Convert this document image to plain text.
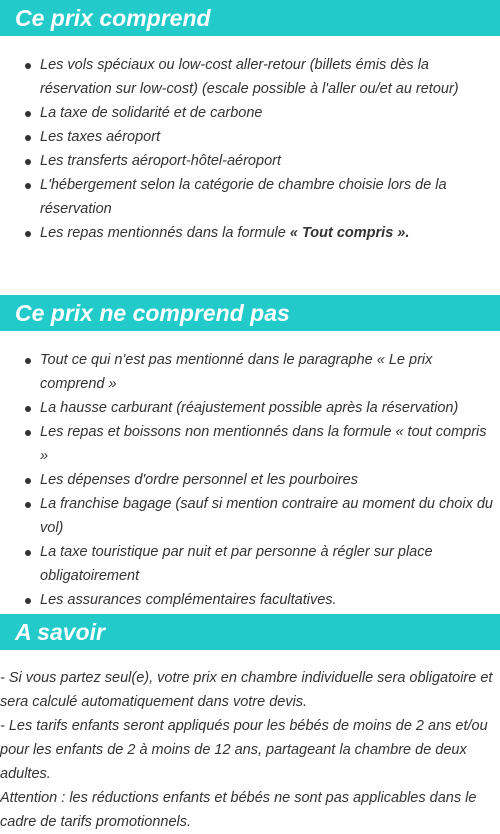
Ce prix comprend
Les vols spéciaux ou low-cost aller-retour (billets émis dès la réservation sur low-cost) (escale possible à l'aller ou/et au retour)
La taxe de solidarité et de carbone
Les taxes aéroport
Les transferts aéroport-hôtel-aéroport
L'hébergement selon la catégorie de chambre choisie lors de la réservation
Les repas mentionnés dans la formule « Tout compris ».
Ce prix ne comprend pas
Tout ce qui n'est pas mentionné dans le paragraphe « Le prix comprend »
La hausse carburant (réajustement possible après la réservation)
Les repas et boissons non mentionnés dans la formule « tout compris »
Les dépenses d'ordre personnel et les pourboires
La franchise bagage (sauf si mention contraire au moment du choix du vol)
La taxe touristique par nuit et par personne à régler sur place obligatoirement
Les assurances complémentaires facultatives.
A savoir
- Si vous partez seul(e), votre prix en chambre individuelle sera obligatoire et sera calculé automatiquement dans votre devis.
- Les tarifs enfants seront appliqués pour les bébés de moins de 2 ans et/ou pour les enfants de 2 à moins de 12 ans, partageant la chambre de deux adultes.
Attention : les réductions enfants et bébés ne sont pas applicables dans le cadre de tarifs promotionnels.
